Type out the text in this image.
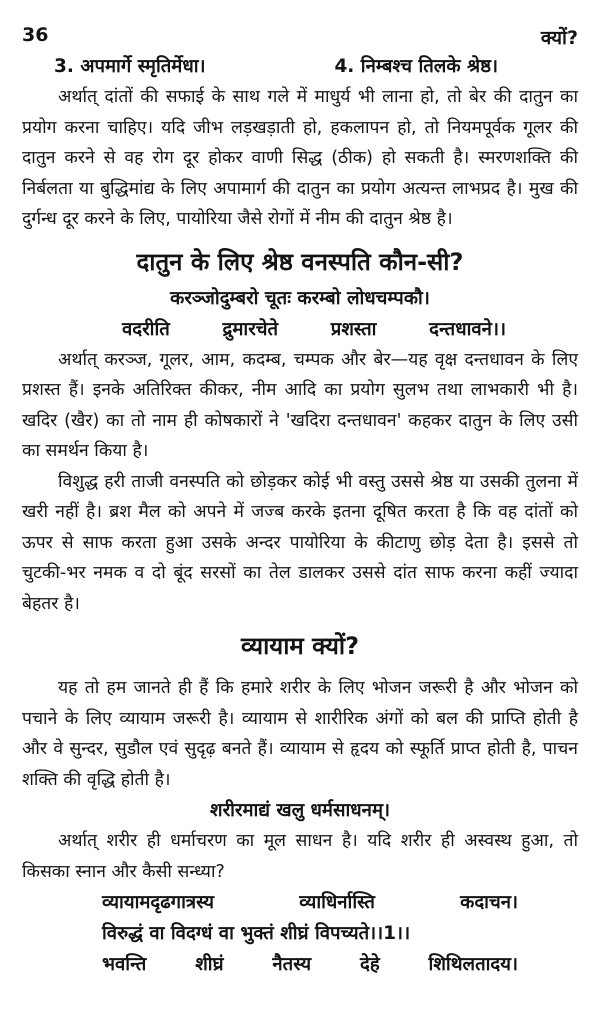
36	क्यों?
3. अपमार्गे स्मृतिर्मेधा।	4. निम्बश्च तिलके श्रेष्ठ।

अर्थात् दांतों की सफाई के साथ गले में माधुर्य भी लाना हो, तो बेर की दातुन का प्रयोग करना चाहिए। यदि जीभ लड़खड़ाती हो, हकलापन हो, तो नियमपूर्वक गूलर की दातुन करने से वह रोग दूर होकर वाणी सिद्ध (ठीक) हो सकती है। स्मरणशक्ति की निर्बलता या बुद्धिमांद्य के लिए अपामार्ग की दातुन का प्रयोग अत्यन्त लाभप्रद है। मुख की दुर्गन्ध दूर करने के लिए, पायोरिया जैसे रोगों में नीम की दातुन श्रेष्ठ है।

दातुन के लिए श्रेष्ठ वनस्पति कौन-सी?
करञ्जोदुम्बरो चूतः करम्बो लोधचम्पकौ।
वदरीति	द्रुमारचेते	प्रशस्ता	दन्तधावने।।

अर्थात् करञ्ज, गूलर, आम, कदम्ब, चम्पक और बेर—यह वृक्ष दन्तधावन के लिए प्रशस्त हैं। इनके अतिरिक्त कीकर, नीम आदि का प्रयोग सुलभ तथा लाभकारी भी है। खदिर (खैर) का तो नाम ही कोषकारों ने 'खदिरा दन्तधावन' कहकर दातुन के लिए उसी का समर्थन किया है।

विशुद्ध हरी ताजी वनस्पति को छोड़कर कोई भी वस्तु उससे श्रेष्ठ या उसकी तुलना में खरी नहीं है। ब्रश मैल को अपने में जज्ब करके इतना दूषित करता है कि वह दांतों को ऊपर से साफ करता हुआ उसके अन्दर पायोरिया के कीटाणु छोड़ देता है। इससे तो चुटकी-भर नमक व दो बूंद सरसों का तेल डालकर उससे दांत साफ करना कहीं ज्यादा बेहतर है।

व्यायाम क्यों?

यह तो हम जानते ही हैं कि हमारे शरीर के लिए भोजन जरूरी है और भोजन को पचाने के लिए व्यायाम जरूरी है। व्यायाम से शारीरिक अंगों को बल की प्राप्ति होती है और वे सुन्दर, सुडौल एवं सुदृढ़ बनते हैं। व्यायाम से हृदय को स्फूर्ति प्राप्त होती है, पाचन शक्ति की वृद्धि होती है।

शरीरमाद्यं खलु धर्मसाधनम्।

अर्थात् शरीर ही धर्माचरण का मूल साधन है। यदि शरीर ही अस्वस्थ हुआ, तो किसका स्नान और कैसी सन्ध्या?

व्यायामदृढगात्रस्य	व्याधिर्नास्ति	कदाचन।
विरुद्धं वा विदग्धं वा भुक्तं शीघ्रं विपच्यते।।1।।
भवन्ति	शीघ्रं	नैतस्य	देहे	शिथिलतादय।
